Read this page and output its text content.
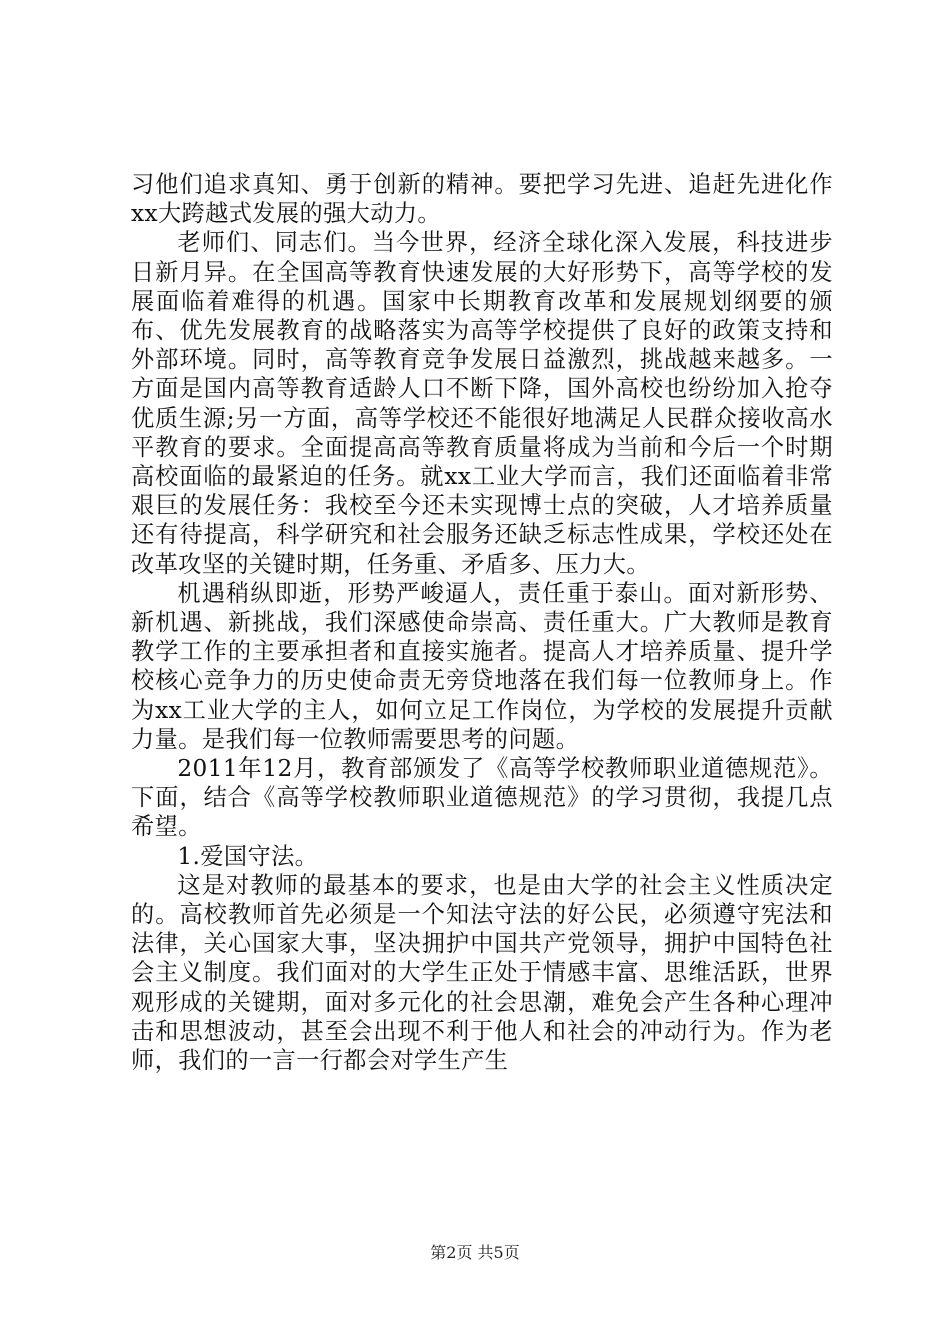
习他们追求真知、勇于创新的精神。要把学习先进、追赶先进化作xx大跨越式发展的强大动力。

老师们、同志们。当今世界，经济全球化深入发展，科技进步日新月异。在全国高等教育快速发展的大好形势下，高等学校的发展面临着难得的机遇。国家中长期教育改革和发展规划纲要的颁布、优先发展教育的战略落实为高等学校提供了良好的政策支持和外部环境。同时，高等教育竞争发展日益激烈，挑战越来越多。一方面是国内高等教育适龄人口不断下降，国外高校也纷纷加入抢夺优质生源;另一方面，高等学校还不能很好地满足人民群众接收高水平教育的要求。全面提高高等教育质量将成为当前和今后一个时期高校面临的最紧迫的任务。就xx工业大学而言，我们还面临着非常艰巨的发展任务：我校至今还未实现博士点的突破，人才培养质量还有待提高，科学研究和社会服务还缺乏标志性成果，学校还处在改革攻坚的关键时期，任务重、矛盾多、压力大。

机遇稍纵即逝，形势严峻逼人，责任重于泰山。面对新形势、新机遇、新挑战，我们深感使命崇高、责任重大。广大教师是教育教学工作的主要承担者和直接实施者。提高人才培养质量、提升学校核心竞争力的历史使命责无旁贷地落在我们每一位教师身上。作为xx工业大学的主人，如何立足工作岗位，为学校的发展提升贡献力量。是我们每一位教师需要思考的问题。

2011年12月，教育部颁发了《高等学校教师职业道德规范》。下面，结合《高等学校教师职业道德规范》的学习贯彻，我提几点希望。

1.爱国守法。

这是对教师的最基本的要求，也是由大学的社会主义性质决定的。高校教师首先必须是一个知法守法的好公民，必须遵守宪法和法律，关心国家大事，坚决拥护中国共产党领导，拥护中国特色社会主义制度。我们面对的大学生正处于情感丰富、思维活跃，世界观形成的关键期，面对多元化的社会思潮，难免会产生各种心理冲击和思想波动，甚至会出现不利于他人和社会的冲动行为。作为老师，我们的一言一行都会对学生产生

第2页 共5页
